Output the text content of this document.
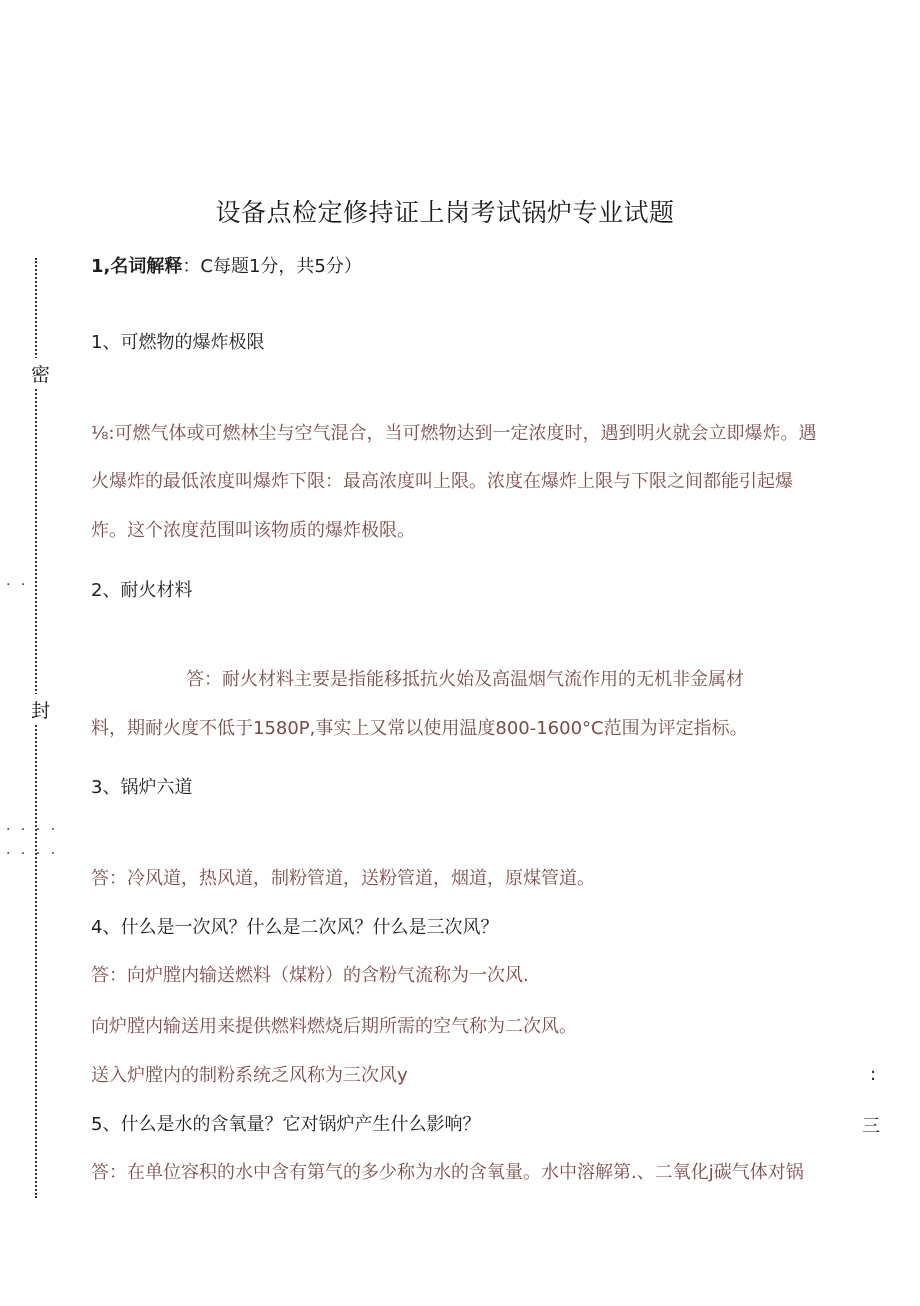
密
封
· ·
· · · ·
· · · ·
设备点检定修持证上岗考试锅炉专业试题
1,名词解释：C每题1分，共5分）
1、可燃物的爆炸极限
⅛:可燃气体或可燃林尘与空气混合，当可燃物达到一定浓度时，遇到明火就会立即爆炸。遇
火爆炸的最低浓度叫爆炸下限：最高浓度叫上限。浓度在爆炸上限与下限之间都能引起爆
炸。这个浓度范围叫该物质的爆炸极限。
2、耐火材料
答：耐火材料主要是指能移抵抗火始及高温烟气流作用的无机非金属材
料，期耐火度不低于1580P,事实上又常以使用温度800-1600°C范围为评定指标。
3、锅炉六道
答：冷风道，热风道，制粉管道，送粉管道，烟道，原煤管道。
4、什么是一次风？什么是二次风？什么是三次风？
答：向炉膛内输送燃料（煤粉）的含粉气流称为一次风.
向炉膛内输送用来提供燃料燃烧后期所需的空气称为二次风。
送入炉膛内的制粉系统乏风称为三次风y
5、什么是水的含氧量？它对锅炉产生什么影响？
答：在单位容积的水中含有第气的多少称为水的含氧量。水中溶解第.、二氧化j碳气体对锅
:
三
